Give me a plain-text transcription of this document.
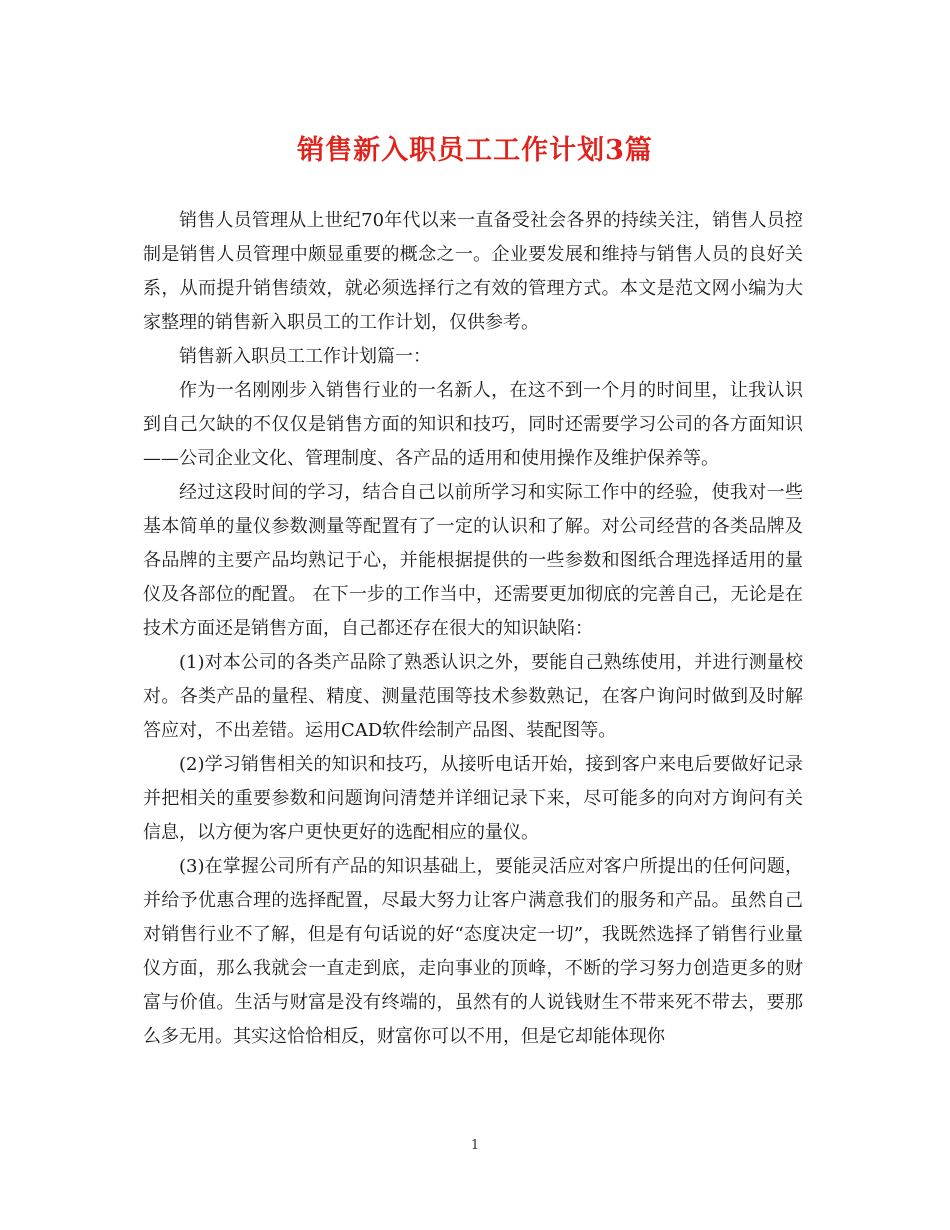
销售新入职员工工作计划3篇

销售人员管理从上世纪70年代以来一直备受社会各界的持续关注，销售人员控制是销售人员管理中颇显重要的概念之一。企业要发展和维持与销售人员的良好关系，从而提升销售绩效，就必须选择行之有效的管理方式。本文是范文网小编为大家整理的销售新入职员工的工作计划，仅供参考。

销售新入职员工工作计划篇一：

作为一名刚刚步入销售行业的一名新人，在这不到一个月的时间里，让我认识到自己欠缺的不仅仅是销售方面的知识和技巧，同时还需要学习公司的各方面知识——公司企业文化、管理制度、各产品的适用和使用操作及维护保养等。

经过这段时间的学习，结合自己以前所学习和实际工作中的经验，使我对一些基本简单的量仪参数测量等配置有了一定的认识和了解。对公司经营的各类品牌及各品牌的主要产品均熟记于心，并能根据提供的一些参数和图纸合理选择适用的量仪及各部位的配置。 在下一步的工作当中，还需要更加彻底的完善自己，无论是在技术方面还是销售方面，自己都还存在很大的知识缺陷：

(1)对本公司的各类产品除了熟悉认识之外，要能自己熟练使用，并进行测量校对。各类产品的量程、精度、测量范围等技术参数熟记，在客户询问时做到及时解答应对，不出差错。运用CAD软件绘制产品图、装配图等。

(2)学习销售相关的知识和技巧，从接听电话开始，接到客户来电后要做好记录并把相关的重要参数和问题询问清楚并详细记录下来，尽可能多的向对方询问有关信息，以方便为客户更快更好的选配相应的量仪。

(3)在掌握公司所有产品的知识基础上，要能灵活应对客户所提出的任何问题，并给予优惠合理的选择配置，尽最大努力让客户满意我们的服务和产品。虽然自己对销售行业不了解，但是有句话说的好“态度决定一切”，我既然选择了销售行业量仪方面，那么我就会一直走到底，走向事业的顶峰，不断的学习努力创造更多的财富与价值。生活与财富是没有终端的，虽然有的人说钱财生不带来死不带去，要那么多无用。其实这恰恰相反，财富你可以不用，但是它却能体现你

1
